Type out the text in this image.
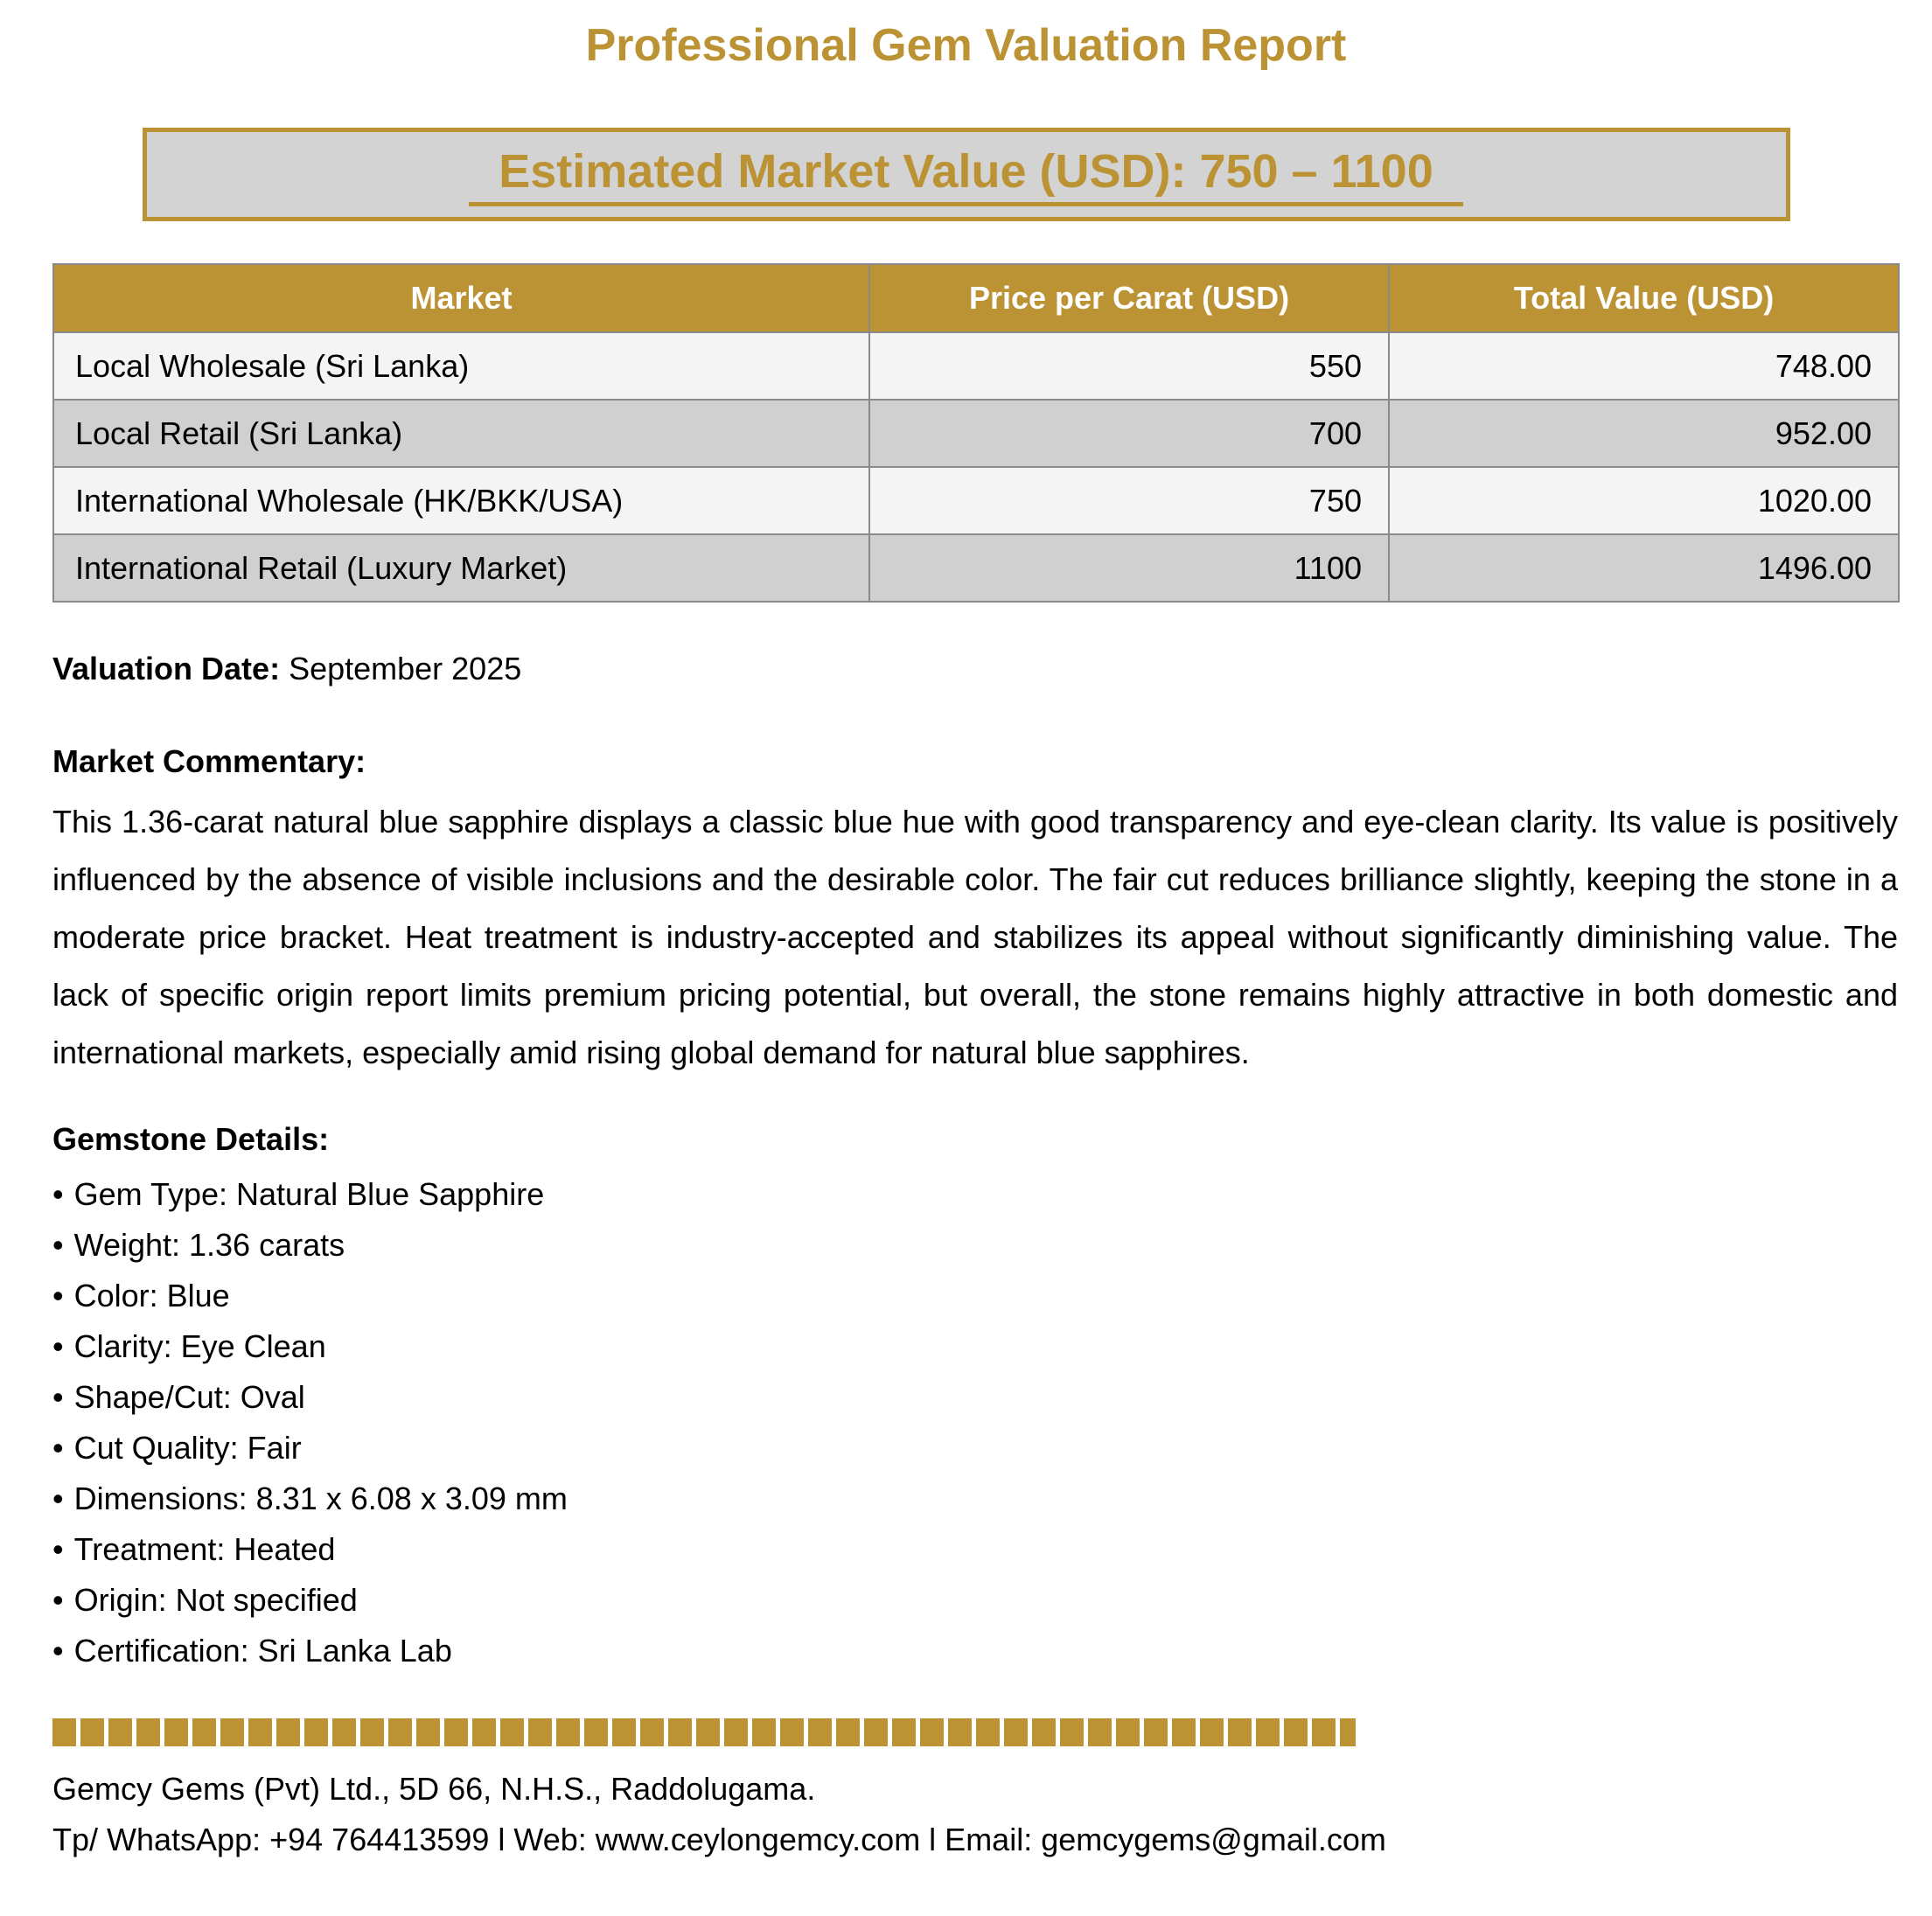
Professional Gem Valuation Report
Estimated Market Value (USD): 750 – 1100
Market	Price per Carat (USD)	Total Value (USD)
Local Wholesale (Sri Lanka)	550	748.00
Local Retail (Sri Lanka)	700	952.00
International Wholesale (HK/BKK/USA)	750	1020.00
International Retail (Luxury Market)	1100	1496.00

Valuation Date: September 2025

Market Commentary:

This 1.36-carat natural blue sapphire displays a classic blue hue with good transparency and eye-clean clarity. Its value is positively influenced by the absence of visible inclusions and the desirable color. The fair cut reduces brilliance slightly, keeping the stone in a moderate price bracket. Heat treatment is industry-accepted and stabilizes its appeal without significantly diminishing value. The lack of specific origin report limits premium pricing potential, but overall, the stone remains highly attractive in both domestic and international markets, especially amid rising global demand for natural blue sapphires.

Gemstone Details:

• Gem Type: Natural Blue Sapphire
• Weight: 1.36 carats
• Color: Blue
• Clarity: Eye Clean
• Shape/Cut: Oval
• Cut Quality: Fair
• Dimensions: 8.31 x 6.08 x 3.09 mm
• Treatment: Heated
• Origin: Not specified
• Certification: Sri Lanka Lab

Gemcy Gems (Pvt) Ltd., 5D 66, N.H.S., Raddolugama.

Tp/ WhatsApp: +94 764413599 l Web: www.ceylongemcy.com l Email: gemcygems@gmail.com
